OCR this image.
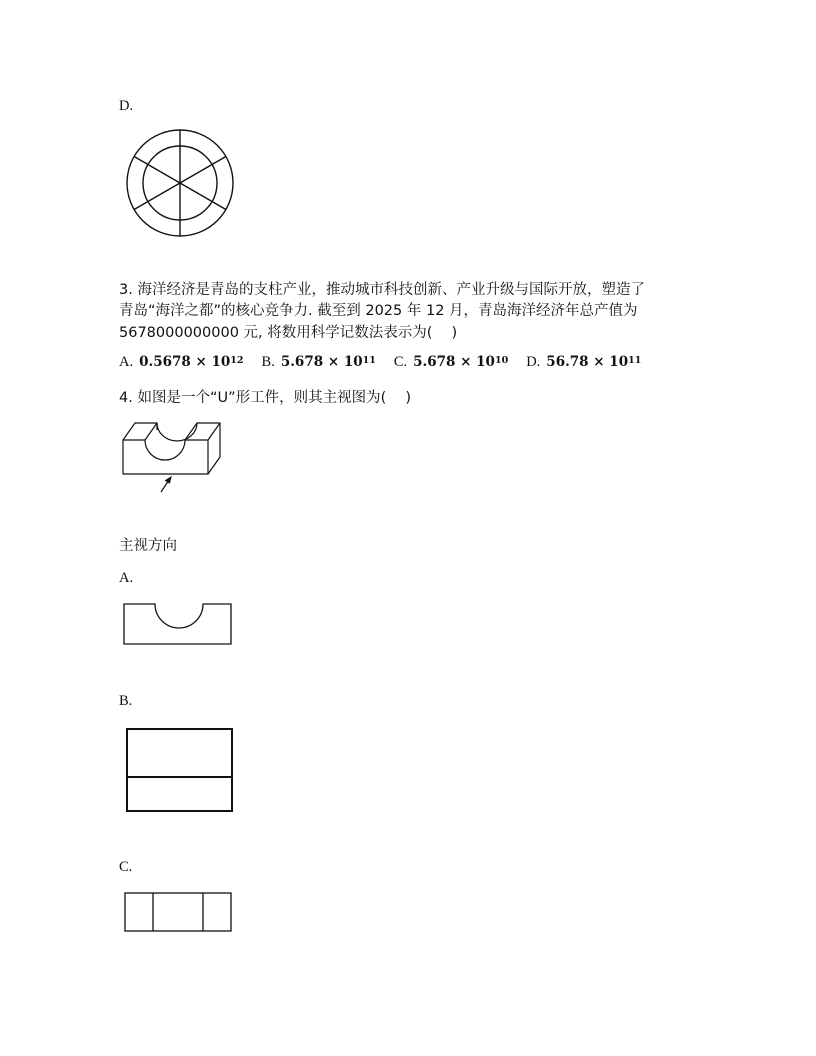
D.
3. 海洋经济是青岛的支柱产业，推动城市科技创新、产业升级与国际开放，塑造了
青岛“海洋之都”的核心竞争力. 截至到 2025 年 12 月，青岛海洋经济年总产值为
5678000000000 元, 将数用科学记数法表示为(　 )
A. $0.5678 \times 10^{12}$ B. $5.678 \times 10^{11}$ C. $5.678 \times 10^{10}$ D. $56.78 \times 10^{11}$
4. 如图是一个“U”形工件，则其主视图为(　 )
主视方向
A.
B.
C.
